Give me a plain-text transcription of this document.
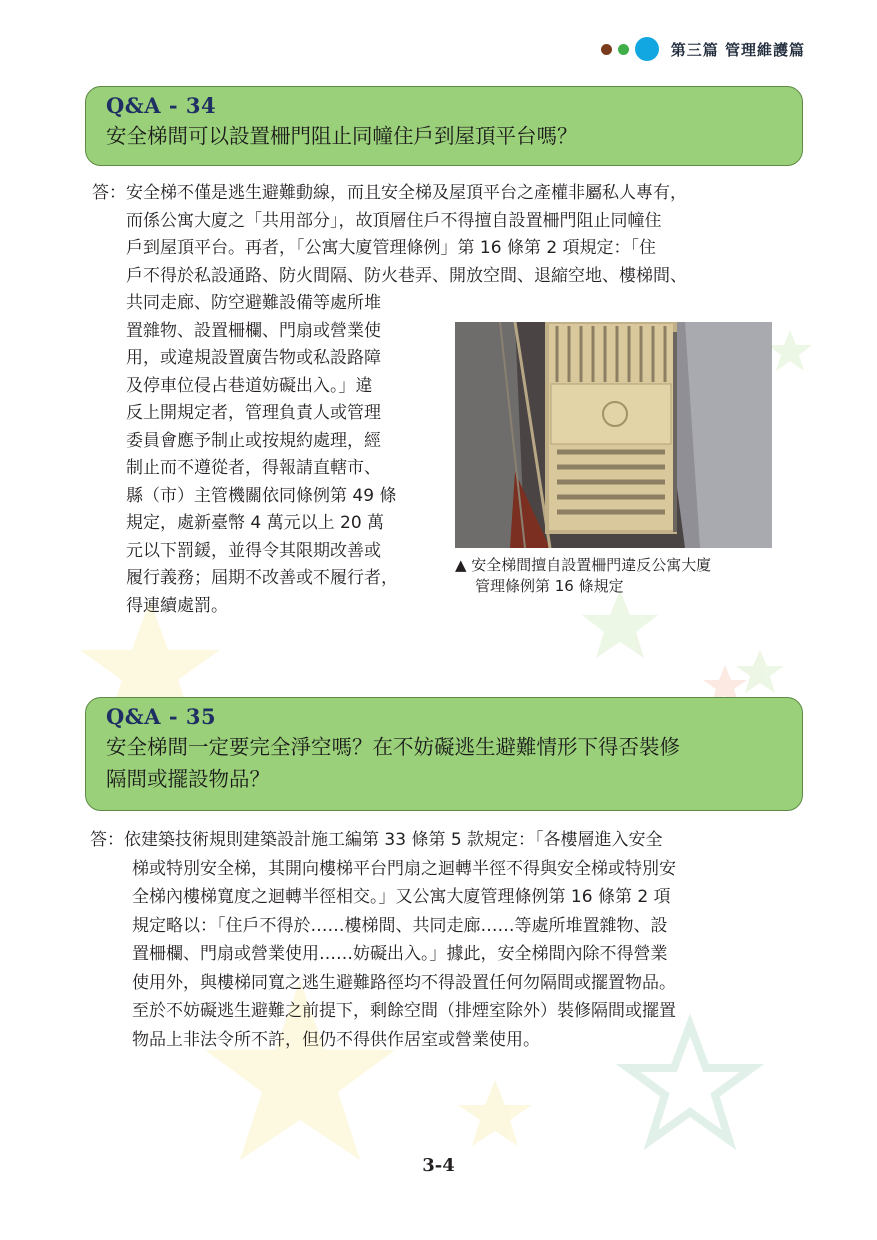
第三篇 管理維護篇
Q&A - 34
安全梯間可以設置柵門阻止同幢住戶到屋頂平台嗎？
答：安全梯不僅是逃生避難動線，而且安全梯及屋頂平台之產權非屬私人專有，
而係公寓大廈之「共用部分」，故頂層住戶不得擅自設置柵門阻止同幢住
戶到屋頂平台。再者，「公寓大廈管理條例」第 16 條第 2 項規定：「住
戶不得於私設通路、防火間隔、防火巷弄、開放空間、退縮空地、樓梯間、
共同走廊、防空避難設備等處所堆
置雜物、設置柵欄、門扇或營業使
用，或違規設置廣告物或私設路障
及停車位侵占巷道妨礙出入。」違
反上開規定者，管理負責人或管理
委員會應予制止或按規約處理，經
制止而不遵從者，得報請直轄市、
縣（市）主管機關依同條例第 49 條
規定，處新臺幣 4 萬元以上 20 萬
元以下罰鍰，並得令其限期改善或
履行義務；屆期不改善或不履行者，
得連續處罰。
▲ 安全梯間擅自設置柵門違反公寓大廈
管理條例第 16 條規定
Q&A - 35
安全梯間一定要完全淨空嗎？在不妨礙逃生避難情形下得否裝修
隔間或擺設物品？
答：依建築技術規則建築設計施工編第 33 條第 5 款規定：「各樓層進入安全
梯或特別安全梯，其開向樓梯平台門扇之迴轉半徑不得與安全梯或特別安
全梯內樓梯寬度之迴轉半徑相交。」又公寓大廈管理條例第 16 條第 2 項
規定略以：「住戶不得於……樓梯間、共同走廊……等處所堆置雜物、設
置柵欄、門扇或營業使用……妨礙出入。」據此，安全梯間內除不得營業
使用外，與樓梯同寬之逃生避難路徑均不得設置任何勿隔間或擺置物品。
至於不妨礙逃生避難之前提下，剩餘空間（排煙室除外）裝修隔間或擺置
物品上非法令所不許，但仍不得供作居室或營業使用。
3-4
